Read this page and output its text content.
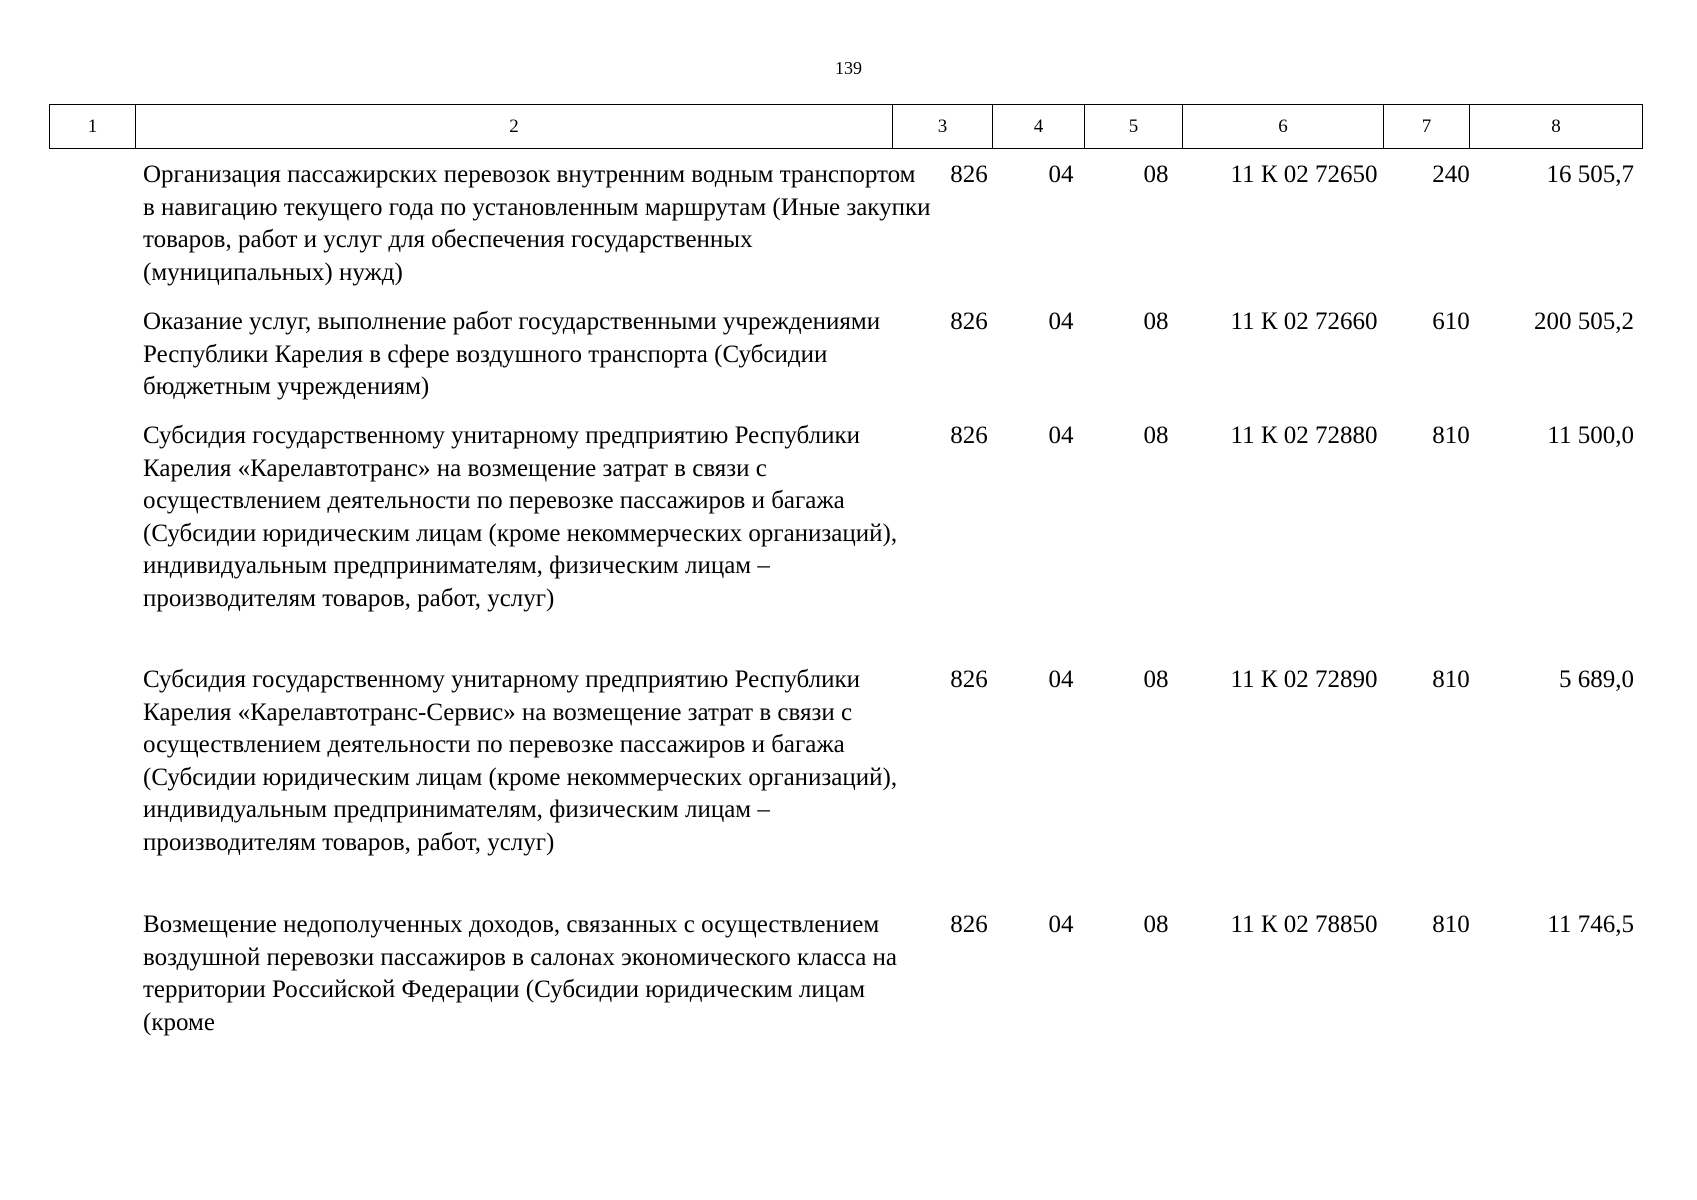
139
1	2	3	4	5	6	7	8
Организация пассажирских перевозок внутренним водным транспортом в навигацию текущего года по установленным маршрутам (Иные закупки товаров, работ и услуг для обеспечения государственных (муниципальных) нужд)
826	04	08	11 К 02 72650	240	16 505,7
Оказание услуг, выполнение работ государственными учреждениями Республики Карелия в сфере воздушного транспорта (Субсидии бюджетным учреждениям)
826	04	08	11 К 02 72660	610	200 505,2
Субсидия государственному унитарному предприятию Республики Карелия «Карелавтотранс» на возмещение затрат в связи с осуществлением деятельности по перевозке пассажиров и багажа (Субсидии юридическим лицам (кроме некоммерческих организаций), индивидуальным предпринимателям, физическим лицам – производителям товаров, работ, услуг)
826	04	08	11 К 02 72880	810	11 500,0
Субсидия государственному унитарному предприятию Республики Карелия «Карелавтотранс-Сервис» на возмещение затрат в связи с осуществлением деятельности по перевозке пассажиров и багажа (Субсидии юридическим лицам (кроме некоммерческих организаций), индивидуальным предпринимателям, физическим лицам – производителям товаров, работ, услуг)
826	04	08	11 К 02 72890	810	5 689,0
Возмещение недополученных доходов, связанных с осуществлением воздушной перевозки пассажиров в салонах экономического класса на территории Российской Федерации (Субсидии юридическим лицам (кроме
826	04	08	11 К 02 78850	810	11 746,5
